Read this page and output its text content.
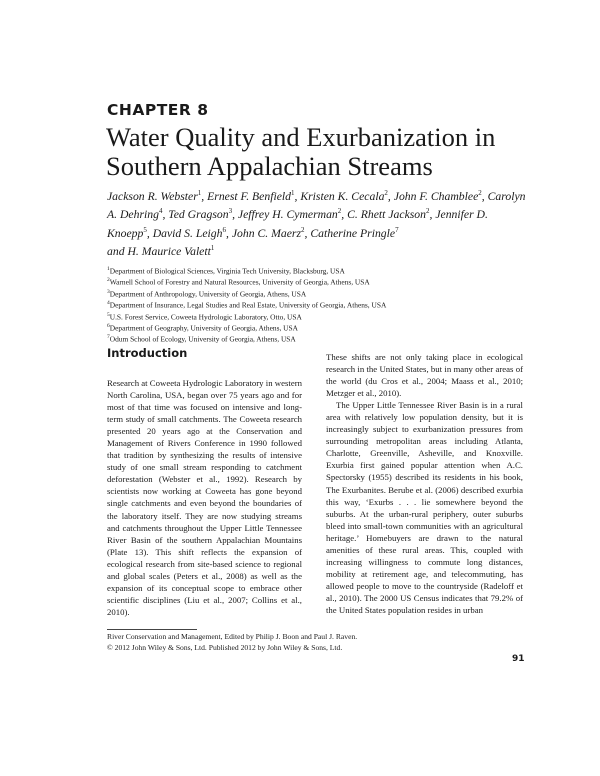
CHAPTER 8
Water Quality and Exurbanization in
Southern Appalachian Streams
Jackson R. Webster$^1$, Ernest F. Benfield$^1$, Kristen K. Cecala$^2$, John F. Chamblee$^2$, Carolyn A. Dehring$^4$, Ted Gragson$^3$, Jeffrey H. Cymerman$^2$, C. Rhett Jackson$^2$, Jennifer D. Knoepp$^5$, David S. Leigh$^6$, John C. Maerz$^2$, Catherine Pringle$^7$
and H. Maurice Valett$^1$
$^1$Department of Biological Sciences, Virginia Tech University, Blacksburg, USA
$^2$Warnell School of Forestry and Natural Resources, University of Georgia, Athens, USA
$^3$Department of Anthropology, University of Georgia, Athens, USA
$^4$Department of Insurance, Legal Studies and Real Estate, University of Georgia, Athens, USA
$^5$U.S. Forest Service, Coweeta Hydrologic Laboratory, Otto, USA
$^6$Department of Geography, University of Georgia, Athens, USA
$^7$Odum School of Ecology, University of Georgia, Athens, USA

Introduction

Research at Coweeta Hydrologic Laboratory in western North Carolina, USA, began over 75 years ago and for most of that time was focused on intensive and long-term study of small catchments. The Coweeta research presented 20 years ago at the Conservation and Management of Rivers Conference in 1990 followed that tradition by synthesizing the results of intensive study of one small stream responding to catchment deforestation (Webster et al., 1992). Research by scientists now working at Coweeta has gone beyond single catchments and even beyond the boundaries of the laboratory itself. They are now studying streams and catchments throughout the Upper Little Tennessee River Basin of the southern Appalachian Mountains (Plate 13). This shift reflects the expansion of ecological research from site-based science to regional and global scales (Peters et al., 2008) as well as the expansion of its conceptual scope to embrace other scientific disciplines (Liu et al., 2007; Collins et al., 2010).

These shifts are not only taking place in ecological research in the United States, but in many other areas of the world (du Cros et al., 2004; Maass et al., 2010; Metzger et al., 2010).

The Upper Little Tennessee River Basin is in a rural area with relatively low population density, but it is increasingly subject to exurbanization pressures from surrounding metropolitan areas including Atlanta, Charlotte, Greenville, Asheville, and Knoxville. Exurbia first gained popular attention when A.C. Spectorsky (1955) described its residents in his book, The Exurbanites. Berube et al. (2006) described exurbia this way, ‘Exurbs . . . lie somewhere beyond the suburbs. At the urban-rural periphery, outer suburbs bleed into small-town communities with an agricultural heritage.’ Homebuyers are drawn to the natural amenities of these rural areas. This, coupled with increasing willingness to commute long distances, mobility at retirement age, and telecommuting, has allowed people to move to the countryside (Radeloff et al., 2010). The 2000 US Census indicates that 79.2% of the United States population resides in urban

River Conservation and Management, Edited by Philip J. Boon and Paul J. Raven.
© 2012 John Wiley & Sons, Ltd. Published 2012 by John Wiley & Sons, Ltd.
91
